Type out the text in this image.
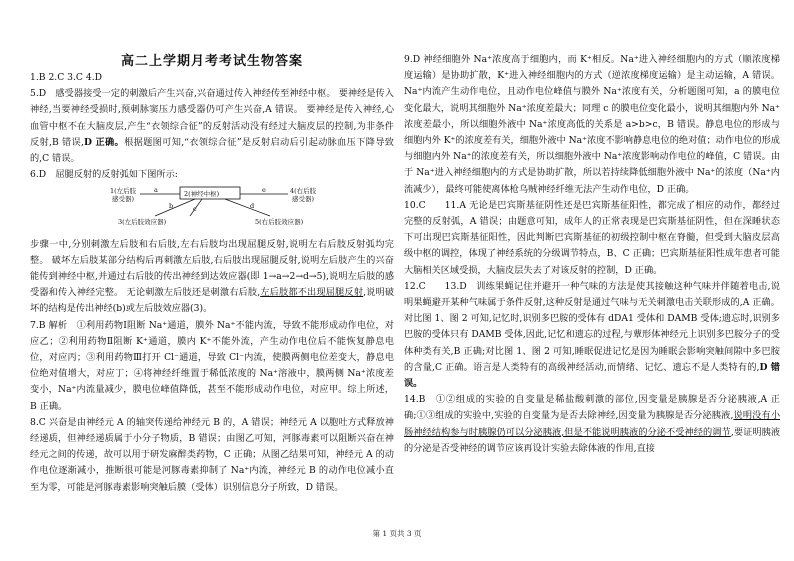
高二上学期月考考试生物答案

1.B 2.C 3.C 4.D

5.D　感受器接受一定的刺激后产生兴奋,兴奋通过传入神经传至神经中枢。 要神经是传入神经,当要神经受损时,预刺脉窦压力感受器仍可产生兴奋,A 错误。 要神经是传入神经,心血管中枢不在大脑皮层,产生“衣领综合征”的反射活动没有经过大脑皮层的控制,为非条件反射,B 错误,D 正确。根据题图可知,“衣领综合征”是反射启动后引起动脉血压下降导致的,C 错误。

6.D　屈腿反射的反射弧如下图所示:

1(左后肢
感受器)
a	2(神经中枢)	e	4(右后肢
感受器)
b	c	d
3(左后肢效应器)	5(右后肢效应器)

步骤一中,分别刺激左后肢和右后肢,左右后肢均出现屈腿反射,说明左右后肢反射弧均完整。 破坏左后肢某部分结构后再刺激左后肢,右后肢出现屈腿反射,说明左后肢产生的兴奋能传到神经中枢,并通过右后肢的传出神经到达效应器(即 1→a→2→d→5),说明左后肢的感受器和传入神经完整。 无论刺激左后肢还是刺激右后肢,左后肢都不出现屈腿反射,说明破坏的结构是传出神经(b)或左后肢效应器(3)。

7.B 解析　①利用药物Ⅰ阻断 Na⁺通道，膜外 Na⁺不能内流，导致不能形成动作电位，对应乙；②利用药物Ⅱ阻断 K⁺通道，膜内 K⁺不能外流，产生动作电位后不能恢复静息电位，对应丙；③利用药物Ⅲ打开 Cl⁻通道，导致 Cl⁻内流，使膜两侧电位差变大，静息电位绝对值增大，对应丁；④将神经纤维置于稀低浓度的 Na⁺溶液中，膜两侧 Na⁺浓度差变小，Na⁺内流量减少，膜电位峰值降低，甚至不能形成动作电位，对应甲。综上所述，B 正确。

8.C 兴奋是由神经元 A 的轴突传递给神经元 B 的，A 错误；神经元 A 以胞吐方式释放神经递质，但神经递质属于小分子物质，B 错误；由图乙可知，河豚毒素可以阻断兴奋在神经元之间的传递，故可以用于研发麻醉类药物，C 正确；从图乙结果可知，神经元 A 的动作电位逐渐减小，推断很可能是河豚毒素抑制了 Na⁺内流，神经元 B 的动作电位减小直至为零，可能是河豚毒素影响突触后膜（受体）识别信息分子所致，D 错误。

9.D 神经细胞外 Na⁺浓度高于细胞内，而 K⁺相反。Na⁺进入神经细胞内的方式（顺浓度梯度运输）是协助扩散，K⁺进入神经细胞内的方式（逆浓度梯度运输）是主动运输，A 错误。Na⁺内流产生动作电位，且动作电位峰值与膜外 Na⁺浓度有关，分析题图可知，a 的膜电位变化最大，说明其细胞外 Na⁺浓度差最大；同理 c 的膜电位变化最小，说明其细胞内外 Na⁺浓度差最小，所以细胞外液中 Na⁺浓度高低的关系是 a>b>c，B 错误。静息电位的形成与细胞内外 K⁺的浓度差有关，细胞外液中 Na⁺浓度不影响静息电位的绝对值；动作电位的形成与细胞内外 Na⁺的浓度差有关，所以细胞外液中 Na⁺浓度影响动作电位的峰值，C 错误。由于 Na⁺进入神经细胞内的方式是协助扩散，所以若持续降低细胞外液中 Na⁺的浓度（Na⁺内流减少），最终可能使离体枪乌贼神经纤维无法产生动作电位，D 正确。

10.C　　11.A 无论是巴宾斯基征阴性还是巴宾斯基征阳性，都完成了相应的动作，都经过完整的反射弧，A 错误；由题意可知，成年人的正常表现是巴宾斯基征阴性，但在深睡状态下可出现巴宾斯基征阳性，因此判断巴宾斯基征的初级控制中枢在脊髓，但受到大脑皮层高级中枢的调控，体现了神经系统的分级调节特点，B、C 正确；巴宾斯基征阳性成年患者可能大脑相关区域受损，大脑皮层失去了对该反射的控制，D 正确。

12.C　　13.D　训练果蝇记住并避开一种气味的方法是使其接触这种气味并伴随着电击,说明果蝇避开某种气味属于条件反射,这种反射是通过气味与无关刺激电击关联形成的,A 正确。对比图 1、图 2 可知,记忆时,识别多巴胺的受体有 dDA1 受体和 DAMB 受体;遗忘时,识别多巴胺的受体只有 DAMB 受体,因此,记忆和遗忘的过程,与蕈形体神经元上识别多巴胺分子的受体种类有关,B 正确;对比图 1、图 2 可知,睡眠促进记忆是因为睡眠会影响突触间隙中多巴胺的含量,C 正确。语言是人类特有的高级神经活动,而情绪、记忆、遗忘不是人类特有的,D 错误。

14.B　①②组成的实验的自变量是稀盐酸刺激的部位,因变量是胰腺是否分泌胰液,A 正确;①③组成的实验中,实验的自变量为是否去除神经,因变量为胰腺是否分泌胰液,说明没有小肠神经结构参与时胰腺仍可以分泌胰液,但是不能说明胰液的分泌不受神经的调节,要证明胰液的分泌是否受神经的调节应该再设计实验去除体液的作用,直接

第 1 页共 3 页
